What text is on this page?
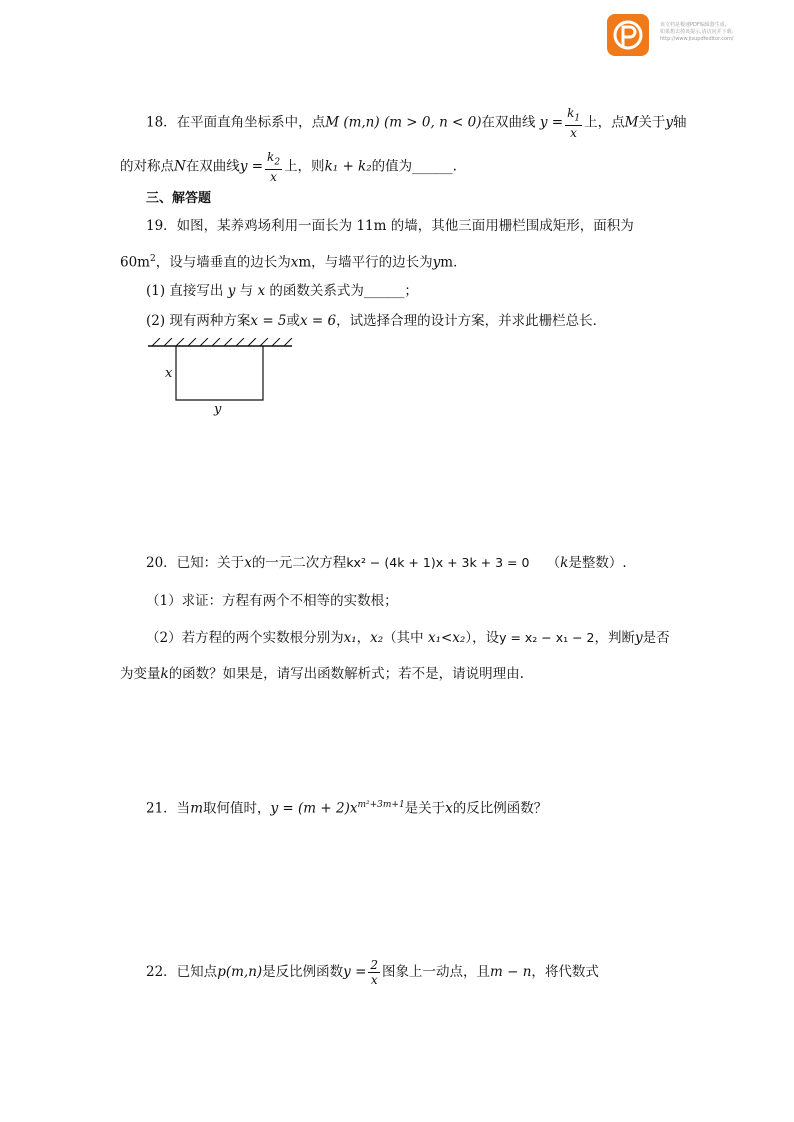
该文档是极速PDF编辑器生成,
如果想去掉该提示,请访问并下载:
http://www.jisupdfeditor.com/
18．在平面直角坐标系中，点M (m,n) (m > 0, n < 0)在双曲线 $y = \frac{k_1}{x}$ 上，点M关于y轴
的对称点N在双曲线$y = \frac{k_2}{x}$ 上，则k₁ + k₂的值为______.
三、解答题
19．如图，某养鸡场利用一面长为 11m 的墙，其他三面用栅栏围成矩形，面积为
$60m^2$，设与墙垂直的边长为xm，与墙平行的边长为ym．
(1) 直接写出 y 与 x 的函数关系式为______；
(2) 现有两种方案x = 5或x = 6，试选择合理的设计方案，并求此栅栏总长．
x
y
20．已知：关于x的一元二次方程kx² − (4k + 1)x + 3k + 3 = 0 （k是整数）.
（1）求证：方程有两个不相等的实数根；
（2）若方程的两个实数根分别为x₁，x₂（其中 x₁<x₂），设y = x₂ − x₁ − 2，判断y是否
为变量k的函数？如果是，请写出函数解析式；若不是，请说明理由.
21．当m取何值时，$y = (m + 2)x^{m^2+3m+1}$是关于x的反比例函数？
22．已知点p(m,n)是反比例函数$y = \frac{2}{x}$ 图象上一动点，且m − n，将代数式
